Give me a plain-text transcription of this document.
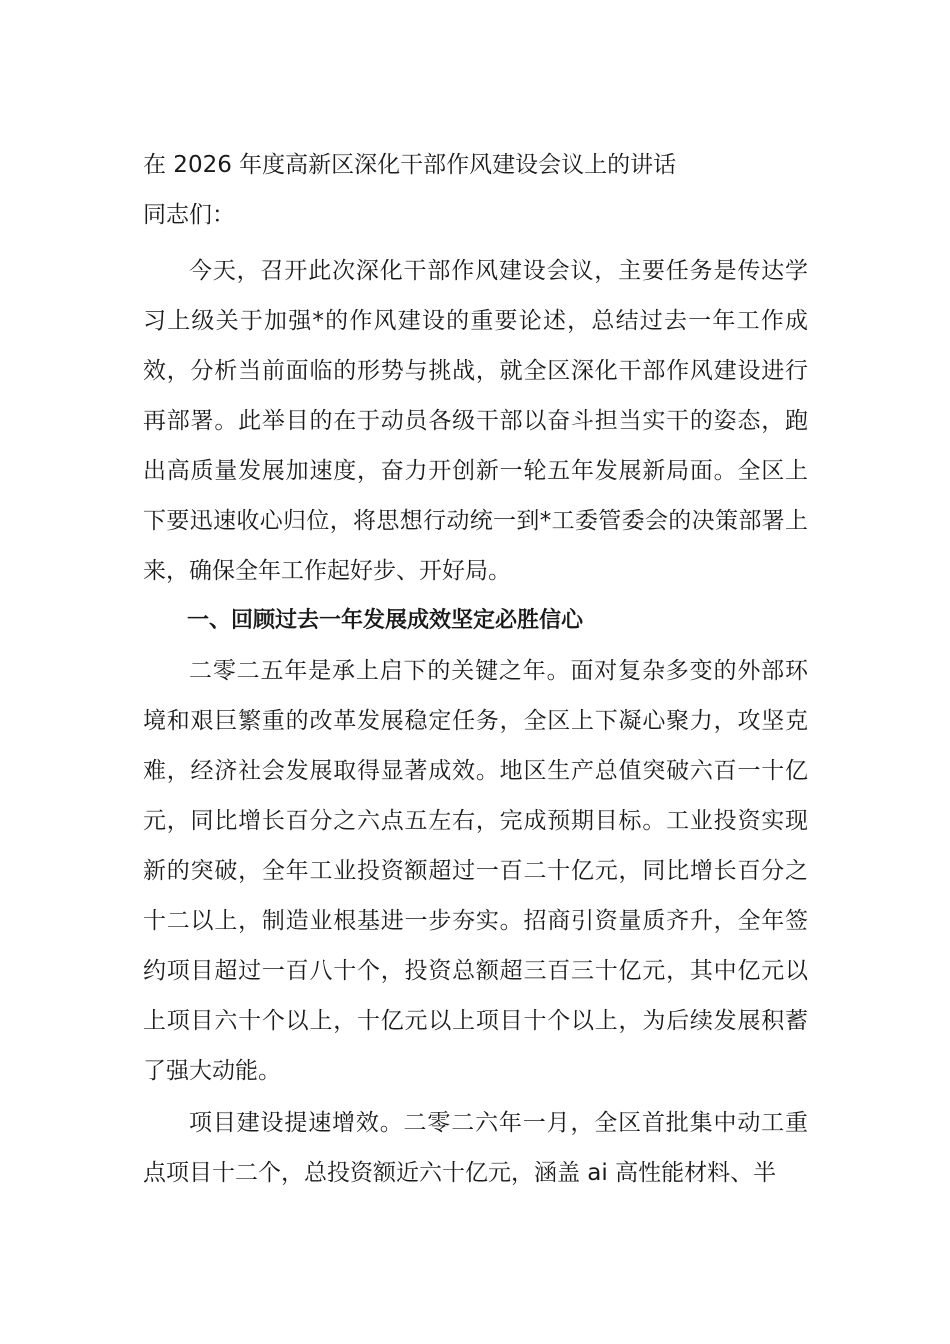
在 2026 年度高新区深化干部作风建设会议上的讲话
同志们：

今天，召开此次深化干部作风建设会议，主要任务是传达学习上级关于加强*的作风建设的重要论述，总结过去一年工作成效，分析当前面临的形势与挑战，就全区深化干部作风建设进行再部署。此举目的在于动员各级干部以奋斗担当实干的姿态，跑出高质量发展加速度，奋力开创新一轮五年发展新局面。全区上下要迅速收心归位，将思想行动统一到*工委管委会的决策部署上来，确保全年工作起好步、开好局。

一、回顾过去一年发展成效坚定必胜信心

二零二五年是承上启下的关键之年。面对复杂多变的外部环境和艰巨繁重的改革发展稳定任务，全区上下凝心聚力，攻坚克难，经济社会发展取得显著成效。地区生产总值突破六百一十亿元，同比增长百分之六点五左右，完成预期目标。工业投资实现新的突破，全年工业投资额超过一百二十亿元，同比增长百分之十二以上，制造业根基进一步夯实。招商引资量质齐升，全年签约项目超过一百八十个，投资总额超三百三十亿元，其中亿元以上项目六十个以上，十亿元以上项目十个以上，为后续发展积蓄了强大动能。

项目建设提速增效。二零二六年一月，全区首批集中动工重点项目十二个，总投资额近六十亿元，涵盖 ai 高性能材料、半
